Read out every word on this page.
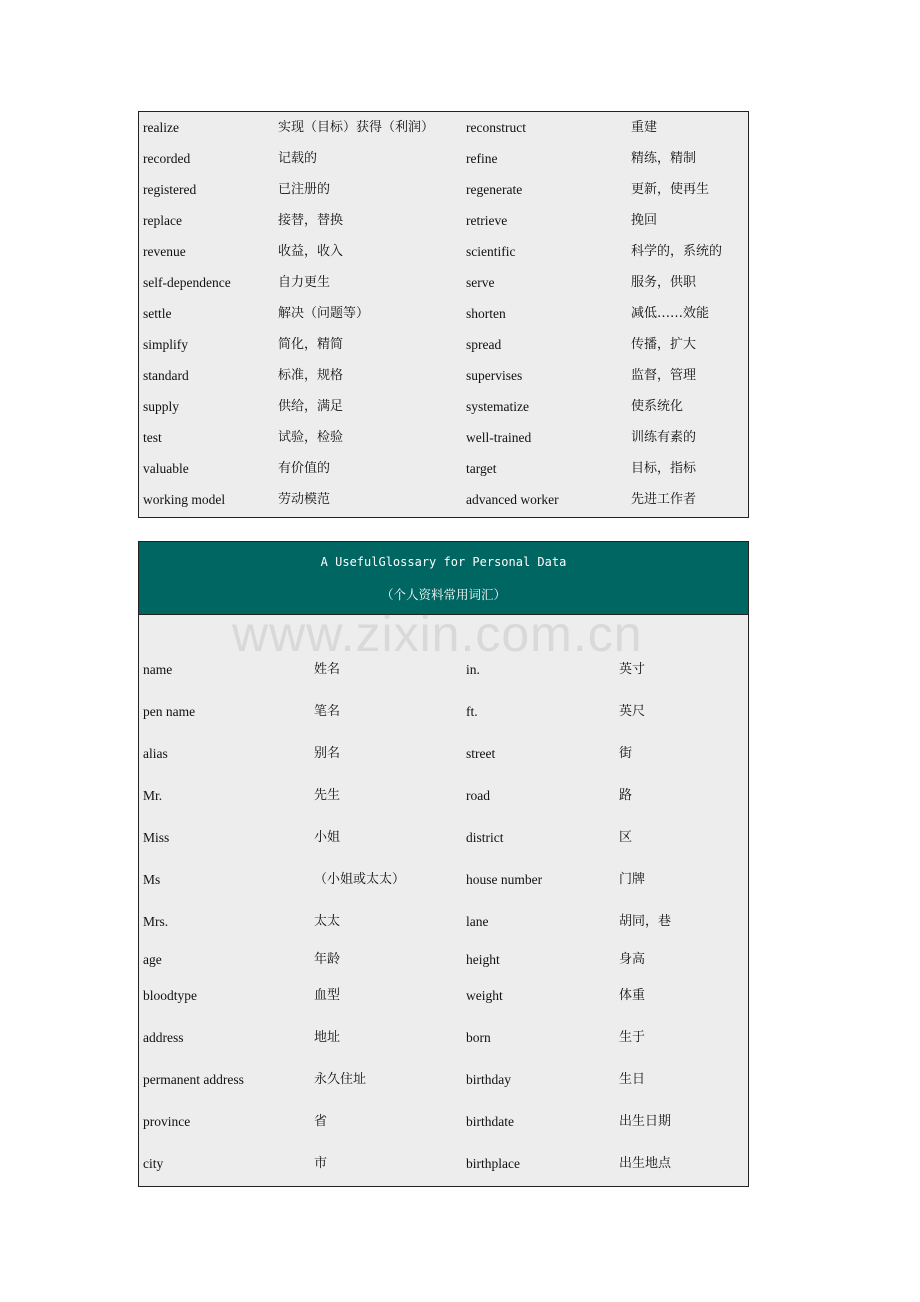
realize	实现（目标）获得（利润） reconstruct	重建
recorded	记载的	refine	精练，精制
registered	已注册的	regenerate	更新，使再生
replace	接替，替换	retrieve	挽回
revenue	收益，收入	scientific	科学的，系统的
self-dependence	自力更生	serve	服务，供职
settle	解决（问题等）	shorten	减低……效能
simplify	简化，精简	spread	传播，扩大
standard	标准，规格	supervises	监督，管理
supply	供给，满足	systematize	使系统化
test	试验，检验	well-trained	训练有素的
valuable	有价值的	target	目标，指标
working model	劳动模范	advanced worker	先进工作者
A UsefulGlossary for Personal Data
（个人资料常用词汇）
name	姓名	in.	英寸
pen name	笔名	ft.	英尺
alias	别名	street	街
Mr.	先生	road	路
Miss	小姐	district	区
Ms	（小姐或太太）	house number	门牌
Mrs.	太太	lane	胡同，巷
age	年龄	height	身高
bloodtype	血型	weight	体重
address	地址	born	生于
permanent address	永久住址	birthday	生日
province	省	birthdate	出生日期
city	市	birthplace	出生地点
